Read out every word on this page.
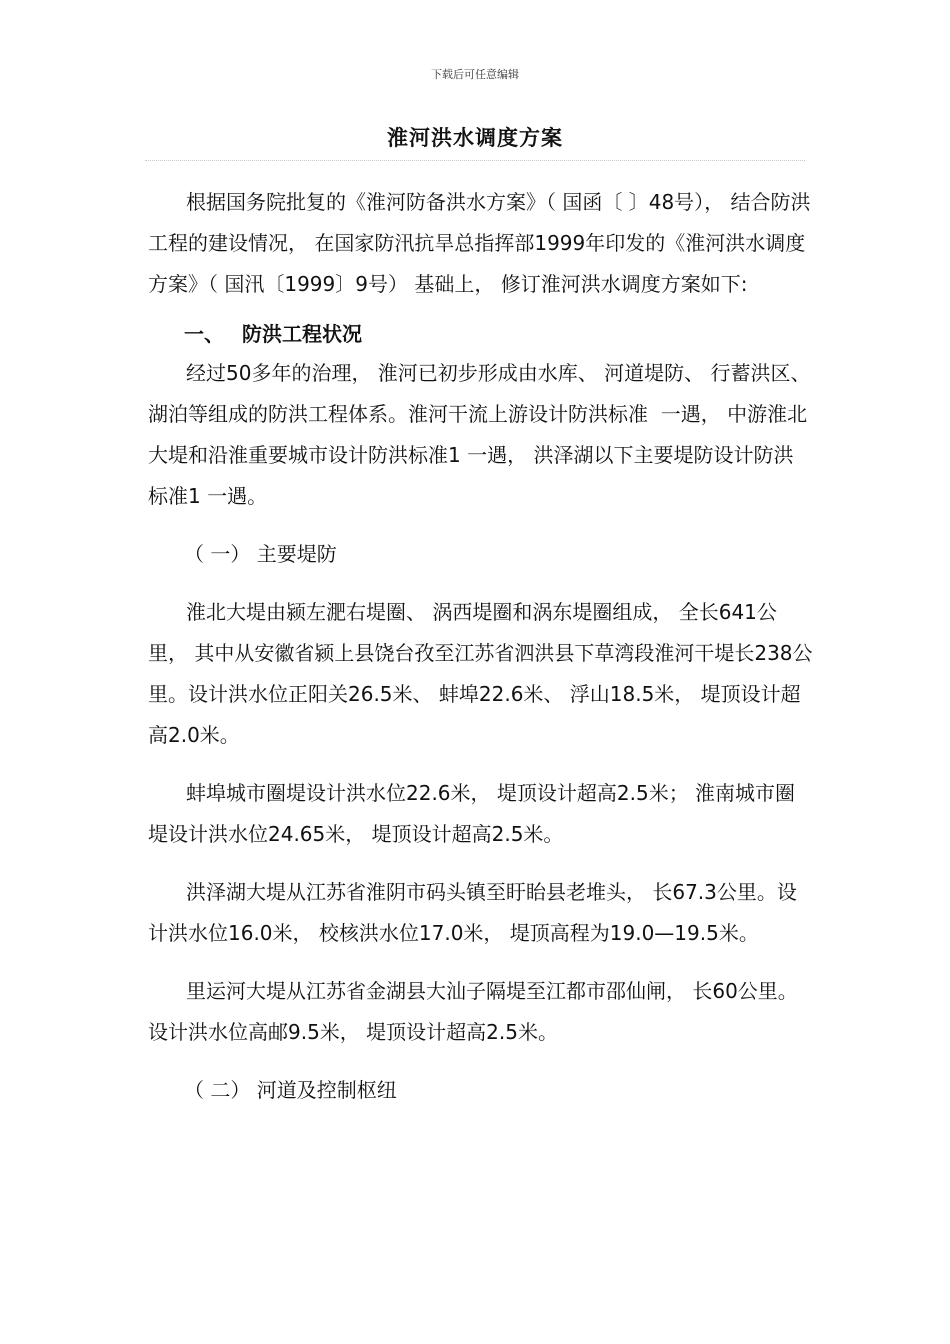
下载后可任意编辑
淮河洪水调度方案

根据国务院批复的《淮河防备洪水方案》（ 国函〔 〕48号）， 结合防洪工程的建设情况， 在国家防汛抗旱总指挥部1999年印发的《淮河洪水调度方案》（ 国汛〔1999〕9号） 基础上， 修订淮河洪水调度方案如下:

一、 防洪工程状况

经过50多年的治理， 淮河已初步形成由水库、 河道堤防、 行蓄洪区、 湖泊等组成的防洪工程体系。淮河干流上游设计防洪标准  一遇， 中游淮北大堤和沿淮重要城市设计防洪标准1 一遇， 洪泽湖以下主要堤防设计防洪标准1 一遇。

（ 一） 主要堤防

淮北大堤由颍左淝右堤圈、 涡西堤圈和涡东堤圈组成， 全长641公里， 其中从安徽省颍上县饶台孜至江苏省泗洪县下草湾段淮河干堤长238公里。设计洪水位正阳关26.5米、 蚌埠22.6米、 浮山18.5米， 堤顶设计超高2.0米。

蚌埠城市圈堤设计洪水位22.6米， 堤顶设计超高2.5米； 淮南城市圈堤设计洪水位24.65米， 堤顶设计超高2.5米。

洪泽湖大堤从江苏省淮阴市码头镇至盱眙县老堆头， 长67.3公里。设计洪水位16.0米， 校核洪水位17.0米， 堤顶高程为19.0—19.5米。

里运河大堤从江苏省金湖县大汕子隔堤至江都市邵仙闸， 长60公里。设计洪水位高邮9.5米， 堤顶设计超高2.5米。

（ 二） 河道及控制枢纽
